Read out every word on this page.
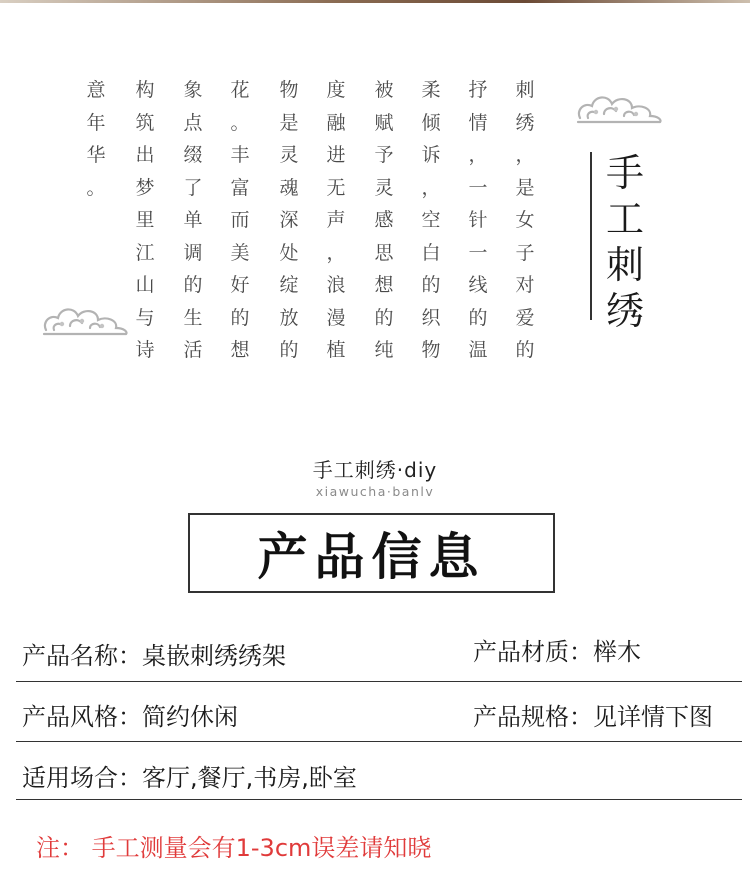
刺
绣
，
是
女
子
对
爱
的
抒
情
，
一
针
一
线
的
温
柔
倾
诉
，
空
白
的
织
物
被
赋
予
灵
感
思
想
的
纯
度
融
进
无
声
，
浪
漫
植
物
是
灵
魂
深
处
绽
放
的
花
。
丰
富
而
美
好
的
想
象
点
缀
了
单
调
的
生
活
构
筑
出
梦
里
江
山
与
诗
意
年
华
。	手
工
刺
绣
手工刺绣·diy
xiawucha·banlv
产品信息
产品名称：桌嵌刺绣绣架	产品材质：榉木
产品风格：简约休闲	产品规格：见详情下图
适用场合：客厅,餐厅,书房,卧室
注： 手工测量会有1-3cm误差请知晓
